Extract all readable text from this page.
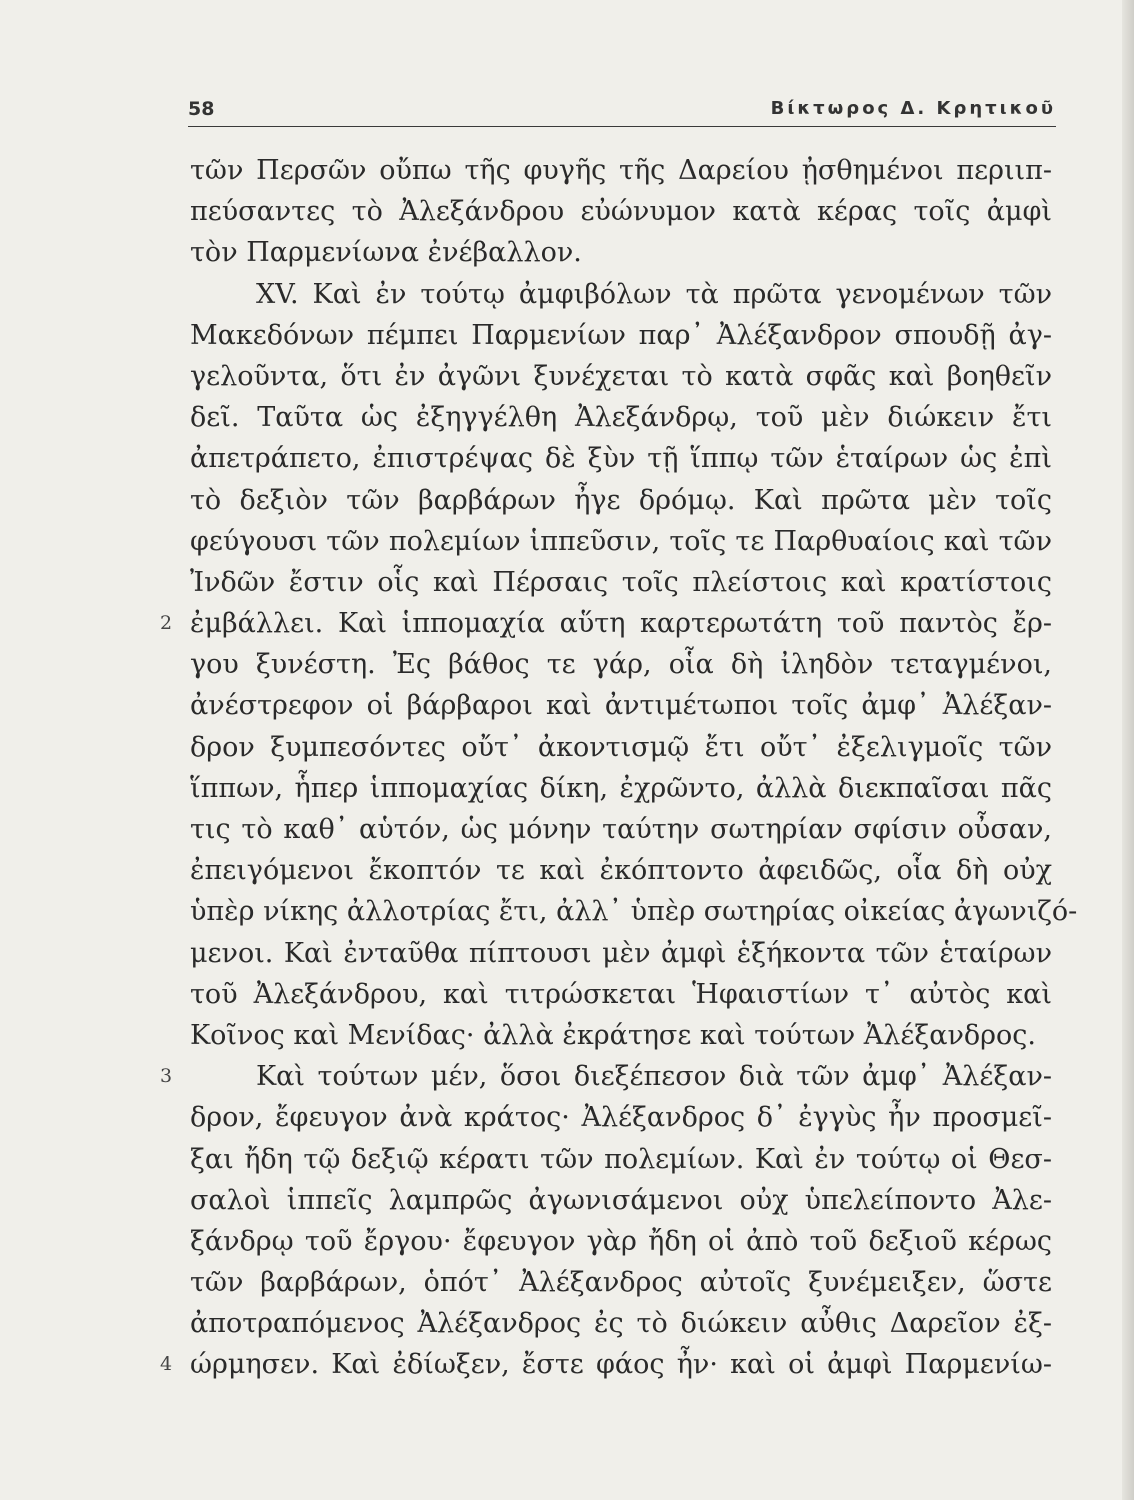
58	Βίκτωρος Δ. Κρητικοῦ
τῶν Περσῶν οὔπω τῆς φυγῆς τῆς Δαρείου ᾐσθημένοι περιιπ-
πεύσαντες τὸ Ἀλεξάνδρου εὐώνυμον κατὰ κέρας τοῖς ἀμφὶ
τὸν Παρμενίωνα ἐνέβαλλον.
XV. Καὶ ἐν τούτῳ ἀμφιβόλων τὰ πρῶτα γενομένων τῶν
Μακεδόνων πέμπει Παρμενίων παρ᾿ Ἀλέξανδρον σπουδῇ ἀγ-
γελοῦντα, ὅτι ἐν ἀγῶνι ξυνέχεται τὸ κατὰ σφᾶς καὶ βοηθεῖν
δεῖ. Ταῦτα ὡς ἐξηγγέλθη Ἀλεξάνδρῳ, τοῦ μὲν διώκειν ἔτι
ἀπετράπετο, ἐπιστρέψας δὲ ξὺν τῇ ἵππῳ τῶν ἑταίρων ὡς ἐπὶ
τὸ δεξιὸν τῶν βαρβάρων ἦγε δρόμῳ. Καὶ πρῶτα μὲν τοῖς
φεύγουσι τῶν πολεμίων ἱππεῦσιν, τοῖς τε Παρθυαίοις καὶ τῶν
Ἰνδῶν ἔστιν οἷς καὶ Πέρσαις τοῖς πλείστοις καὶ κρατίστοις
2 ἐμβάλλει. Καὶ ἱππομαχία αὕτη καρτερωτάτη τοῦ παντὸς ἔρ-
γου ξυνέστη. Ἐς βάθος τε γάρ, οἷα δὴ ἰληδὸν τεταγμένοι,
ἀνέστρεφον οἱ βάρβαροι καὶ ἀντιμέτωποι τοῖς ἀμφ᾿ Ἀλέξαν-
δρον ξυμπεσόντες οὔτ᾿ ἀκοντισμῷ ἔτι οὔτ᾿ ἐξελιγμοῖς τῶν
ἵππων, ἧπερ ἱππομαχίας δίκη, ἐχρῶντο, ἀλλὰ διεκπαῖσαι πᾶς
τις τὸ καθ᾿ αὑτόν, ὡς μόνην ταύτην σωτηρίαν σφίσιν οὖσαν,
ἐπειγόμενοι ἔκοπτόν τε καὶ ἐκόπτοντο ἀφειδῶς, οἷα δὴ οὐχ
ὑπὲρ νίκης ἀλλοτρίας ἔτι, ἀλλ᾿ ὑπὲρ σωτηρίας οἰκείας ἀγωνιζό-
μενοι. Καὶ ἐνταῦθα πίπτουσι μὲν ἀμφὶ ἑξήκοντα τῶν ἑταίρων
τοῦ Ἀλεξάνδρου, καὶ τιτρώσκεται Ἡφαιστίων τ᾿ αὐτὸς καὶ
Κοῖνος καὶ Μενίδας· ἀλλὰ ἐκράτησε καὶ τούτων Ἀλέξανδρος.
3	Καὶ τούτων μέν, ὅσοι διεξέπεσον διὰ τῶν ἀμφ᾿ Ἀλέξαν-
δρον, ἔφευγον ἀνὰ κράτος· Ἀλέξανδρος δ᾿ ἐγγὺς ἦν προσμεῖ-
ξαι ἤδη τῷ δεξιῷ κέρατι τῶν πολεμίων. Καὶ ἐν τούτῳ οἱ Θεσ-
σαλοὶ ἱππεῖς λαμπρῶς ἀγωνισάμενοι οὐχ ὑπελείποντο Ἀλε-
ξάνδρῳ τοῦ ἔργου· ἔφευγον γὰρ ἤδη οἱ ἀπὸ τοῦ δεξιοῦ κέρως
τῶν βαρβάρων, ὁπότ᾿ Ἀλέξανδρος αὐτοῖς ξυνέμειξεν, ὥστε
ἀποτραπόμενος Ἀλέξανδρος ἐς τὸ διώκειν αὖθις Δαρεῖον ἐξ-
4 ώρμησεν. Καὶ ἐδίωξεν, ἔστε φάος ἦν· καὶ οἱ ἀμφὶ Παρμενίω-
